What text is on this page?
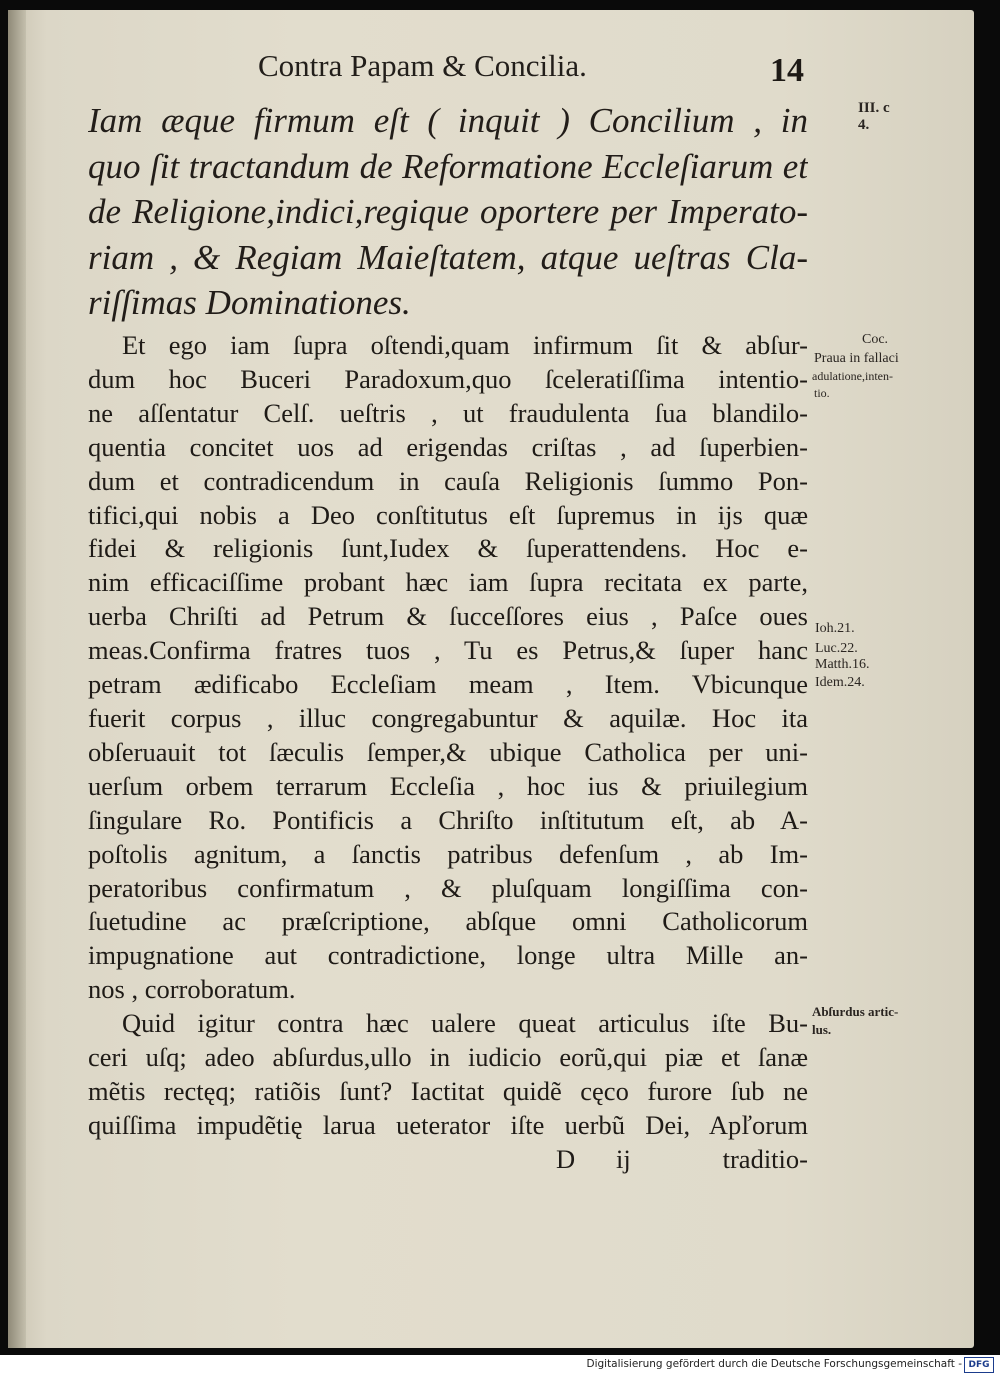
Contra Papam & Concilia.	14
Iam æque firmum eſt ( inquit ) Concilium , in
quo ſit tractandum de Reformatione Eccleſiarum et
de Religione,indici,regique oportere per Imperato-
riam , & Regiam Maieſtatem, atque ueſtras Cla-
riſſimas Dominationes.
Et ego iam ſupra oſtendi,quam infirmum ſit & abſur-
dum hoc Buceri Paradoxum,quo ſceleratiſſima intentio-
ne aſſentatur Celſ. ueſtris , ut fraudulenta ſua blandilo-
quentia concitet uos ad erigendas criſtas , ad ſuperbien-
dum et contradicendum in cauſa Religionis ſummo Pon-
tifici,qui nobis a Deo conſtitutus eſt ſupremus in ijs quæ
fidei & religionis ſunt,Iudex & ſuperattendens. Hoc e-
nim efficaciſſime probant hæc iam ſupra recitata ex parte,
uerba Chriſti ad Petrum & ſucceſſores eius , Paſce oues
meas.Confirma fratres tuos , Tu es Petrus,& ſuper hanc
petram ædificabo Eccleſiam meam , Item. Vbicunque
fuerit corpus , illuc congregabuntur & aquilæ. Hoc ita
obſeruauit tot ſæculis ſemper,& ubique Catholica per uni-
uerſum orbem terrarum Eccleſia , hoc ius & priuilegium
ſingulare Ro. Pontificis a Chriſto inſtitutum eſt, ab A-
poſtolis agnitum, a ſanctis patribus defenſum , ab Im-
peratoribus confirmatum , & pluſquam longiſſima con-
ſuetudine ac præſcriptione, abſque omni Catholicorum
impugnatione aut contradictione, longe ultra Mille an-
nos , corroboratum.
Quid igitur contra hæc ualere queat articulus iſte Bu-
ceri uſq; adeo abſurdus,ullo in iudicio eorũ,qui piæ et ſanæ
mẽtis rectęq; ratiõis ſunt? Iactitat quidẽ cęco furore ſub ne
quiſſima impudẽtię larua ueterator iſte uerbũ Dei, Apľorum
D ij	traditio-
III. c 4.
Coc.
Praua in fallaci
adulatione,inten-
tio.
Ioh.21.
Luc.22.
Matth.16.
Idem.24.
Abſurdus artic-
lus.
Digitalisierung gefördert durch die Deutsche Forschungsgemeinschaft - DFG
